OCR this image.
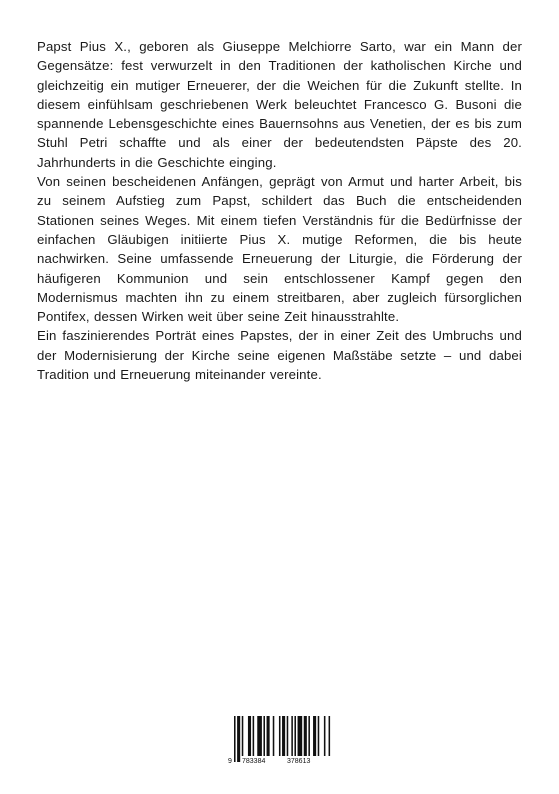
Papst Pius X., geboren als Giuseppe Melchiorre Sarto, war ein Mann der Gegensätze: fest verwurzelt in den Traditionen der katholischen Kirche und gleichzeitig ein mutiger Erneuerer, der die Weichen für die Zukunft stellte. In diesem einfühlsam geschriebenen Werk beleuchtet Francesco G. Busoni die spannende Lebensgeschichte eines Bauernsohns aus Venetien, der es bis zum Stuhl Petri schaffte und als einer der bedeutendsten Päpste des 20. Jahrhunderts in die Geschichte einging.

Von seinen bescheidenen Anfängen, geprägt von Armut und harter Arbeit, bis zu seinem Aufstieg zum Papst, schildert das Buch die entscheidenden Stationen seines Weges. Mit einem tiefen Verständnis für die Bedürfnisse der einfachen Gläubigen initiierte Pius X. mutige Reformen, die bis heute nachwirken. Seine umfassende Erneuerung der Liturgie, die Förderung der häufigeren Kommunion und sein entschlossener Kampf gegen den Modernismus machten ihn zu einem streitbaren, aber zugleich fürsorglichen Pontifex, dessen Wirken weit über seine Zeit hinausstrahlte.

Ein faszinierendes Porträt eines Papstes, der in einer Zeit des Umbruchs und der Modernisierung der Kirche seine eigenen Maßstäbe setzte – und dabei Tradition und Erneuerung miteinander vereinte.

9 783384	378613
